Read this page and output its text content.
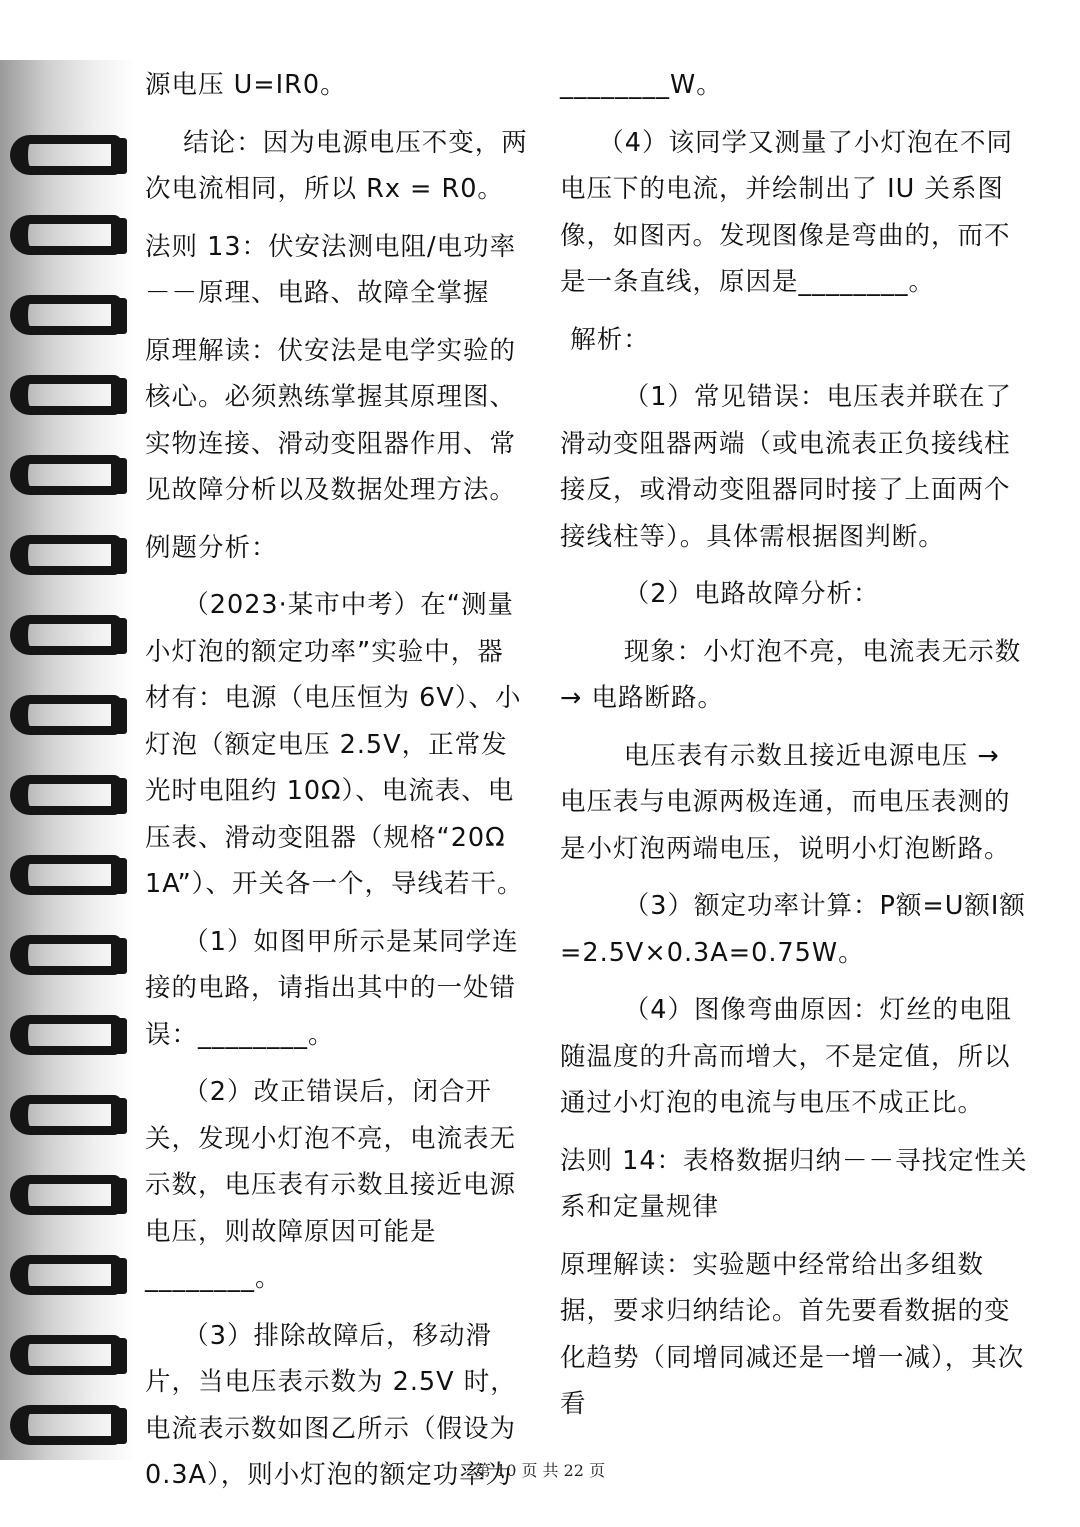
源电压 U=IR0。

结论：因为电源电压不变，两次电流相同，所以 Rx = R0。

法则 13：伏安法测电阻/电功率－－原理、电路、故障全掌握

原理解读：伏安法是电学实验的核心。必须熟练掌握其原理图、实物连接、滑动变阻器作用、常见故障分析以及数据处理方法。

例题分析：

（2023·某市中考）在“测量小灯泡的额定功率”实验中，器材有：电源（电压恒为 6V）、小灯泡（额定电压 2.5V，正常发光时电阻约 10Ω）、电流表、电压表、滑动变阻器（规格“20Ω 1A”）、开关各一个，导线若干。

（1）如图甲所示是某同学连接的电路，请指出其中的一处错误：________。

（2）改正错误后，闭合开关，发现小灯泡不亮，电流表无示数，电压表有示数且接近电源电压，则故障原因可能是________。

（3）排除故障后，移动滑片，当电压表示数为 2.5V 时，电流表示数如图乙所示（假设为 0.3A），则小灯泡的额定功率为

________W。

（4）该同学又测量了小灯泡在不同电压下的电流，并绘制出了 IU 关系图像，如图丙。发现图像是弯曲的，而不是一条直线，原因是________。

解析：

（1）常见错误：电压表并联在了滑动变阻器两端（或电流表正负接线柱接反，或滑动变阻器同时接了上面两个接线柱等）。具体需根据图判断。

（2）电路故障分析：

现象：小灯泡不亮，电流表无示数 → 电路断路。

电压表有示数且接近电源电压 → 电压表与电源两极连通，而电压表测的是小灯泡两端电压，说明小灯泡断路。

（3）额定功率计算：P额=U额I额=2.5V×0.3A=0.75W。

（4）图像弯曲原因：灯丝的电阻随温度的升高而增大，不是定值，所以通过小灯泡的电流与电压不成正比。

法则 14：表格数据归纳－－寻找定性关系和定量规律

原理解读：实验题中经常给出多组数据，要求归纳结论。首先要看数据的变化趋势（同增同减还是一增一减），其次看

第 10 页 共 22 页
